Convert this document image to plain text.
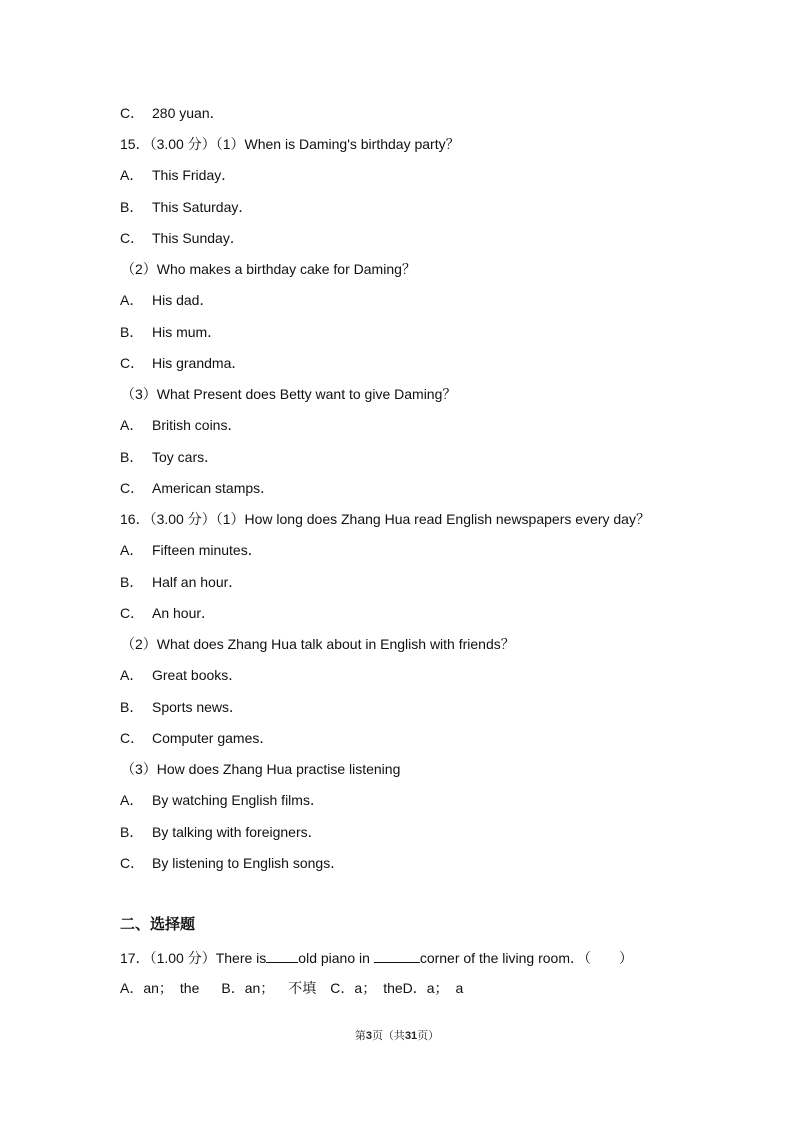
C． 280 yuan．
15．（3.00 分）（1）When is Daming's birthday party？
A． This Friday．
B． This Saturday．
C． This Sunday．
（2）Who makes a birthday cake for Daming？
A． His dad．
B． His mum．
C． His grandma．
（3）What Present does Betty want to give Daming？
A． British coins．
B． Toy cars．
C． American stamps．
16．（3.00 分）（1）How long does Zhang Hua read English newspapers every day？
A． Fifteen minutes．
B． Half an hour．
C． An hour．
（2）What does Zhang Hua talk about in English with friends？
A． Great books．
B． Sports news．
C． Computer games．
（3）How does Zhang Hua practise listening
A． By watching English films．
B． By talking with foreigners．
C． By listening to English songs．
二、选择题
17．（1.00 分）There is old piano in	corner of the living room．（　　）
A．an；　the B．an； 不填 C．a；　theD．a；　a
第3页（共31页）
